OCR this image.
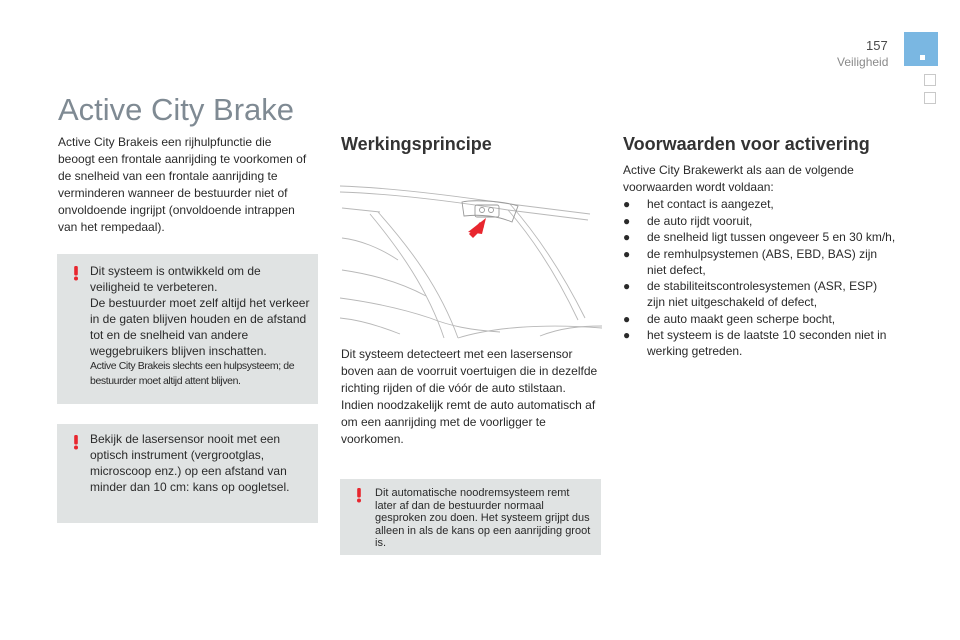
157
Veiligheid
Active City Brake

Active City Brakeis een rijhulpfunctie die beoogt een frontale aanrijding te voorkomen of de snelheid van een frontale aanrijding te verminderen wanneer de bestuurder niet of onvoldoende ingrijpt (onvoldoende intrappen van het rempedaal).

Dit systeem is ontwikkeld om de veiligheid te verbeteren.

De bestuurder moet zelf altijd het verkeer in de gaten blijven houden en de afstand tot en de snelheid van andere weggebruikers blijven inschatten.

Active City Brakeis slechts een hulpsysteem; de bestuurder moet altijd attent blijven.

Bekijk de lasersensor nooit met een optisch instrument (vergrootglas, microscoop enz.) op een afstand van minder dan 10 cm: kans op oogletsel.

Werkingsprincipe

Dit systeem detecteert met een lasersensor boven aan de voorruit voertuigen die in dezelfde richting rijden of die vóór de auto stilstaan.
Indien noodzakelijk remt de auto automatisch af om een aanrijding met de voorligger te voorkomen.

Dit automatische noodremsysteem remt later af dan de bestuurder normaal gesproken zou doen. Het systeem grijpt dus alleen in als de kans op een aanrijding groot is.

Voorwaarden voor activering

Active City Brakewerkt als aan de volgende voorwaarden wordt voldaan:

● het contact is aangezet,
● de auto rijdt vooruit,
● de snelheid ligt tussen ongeveer 5 en 30 km/h,
● de remhulpsystemen (ABS, EBD, BAS) zijn niet defect,
● de stabiliteitscontrolesystemen (ASR, ESP) zijn niet uitgeschakeld of defect,
● de auto maakt geen scherpe bocht,
● het systeem is de laatste 10 seconden niet in werking getreden.
